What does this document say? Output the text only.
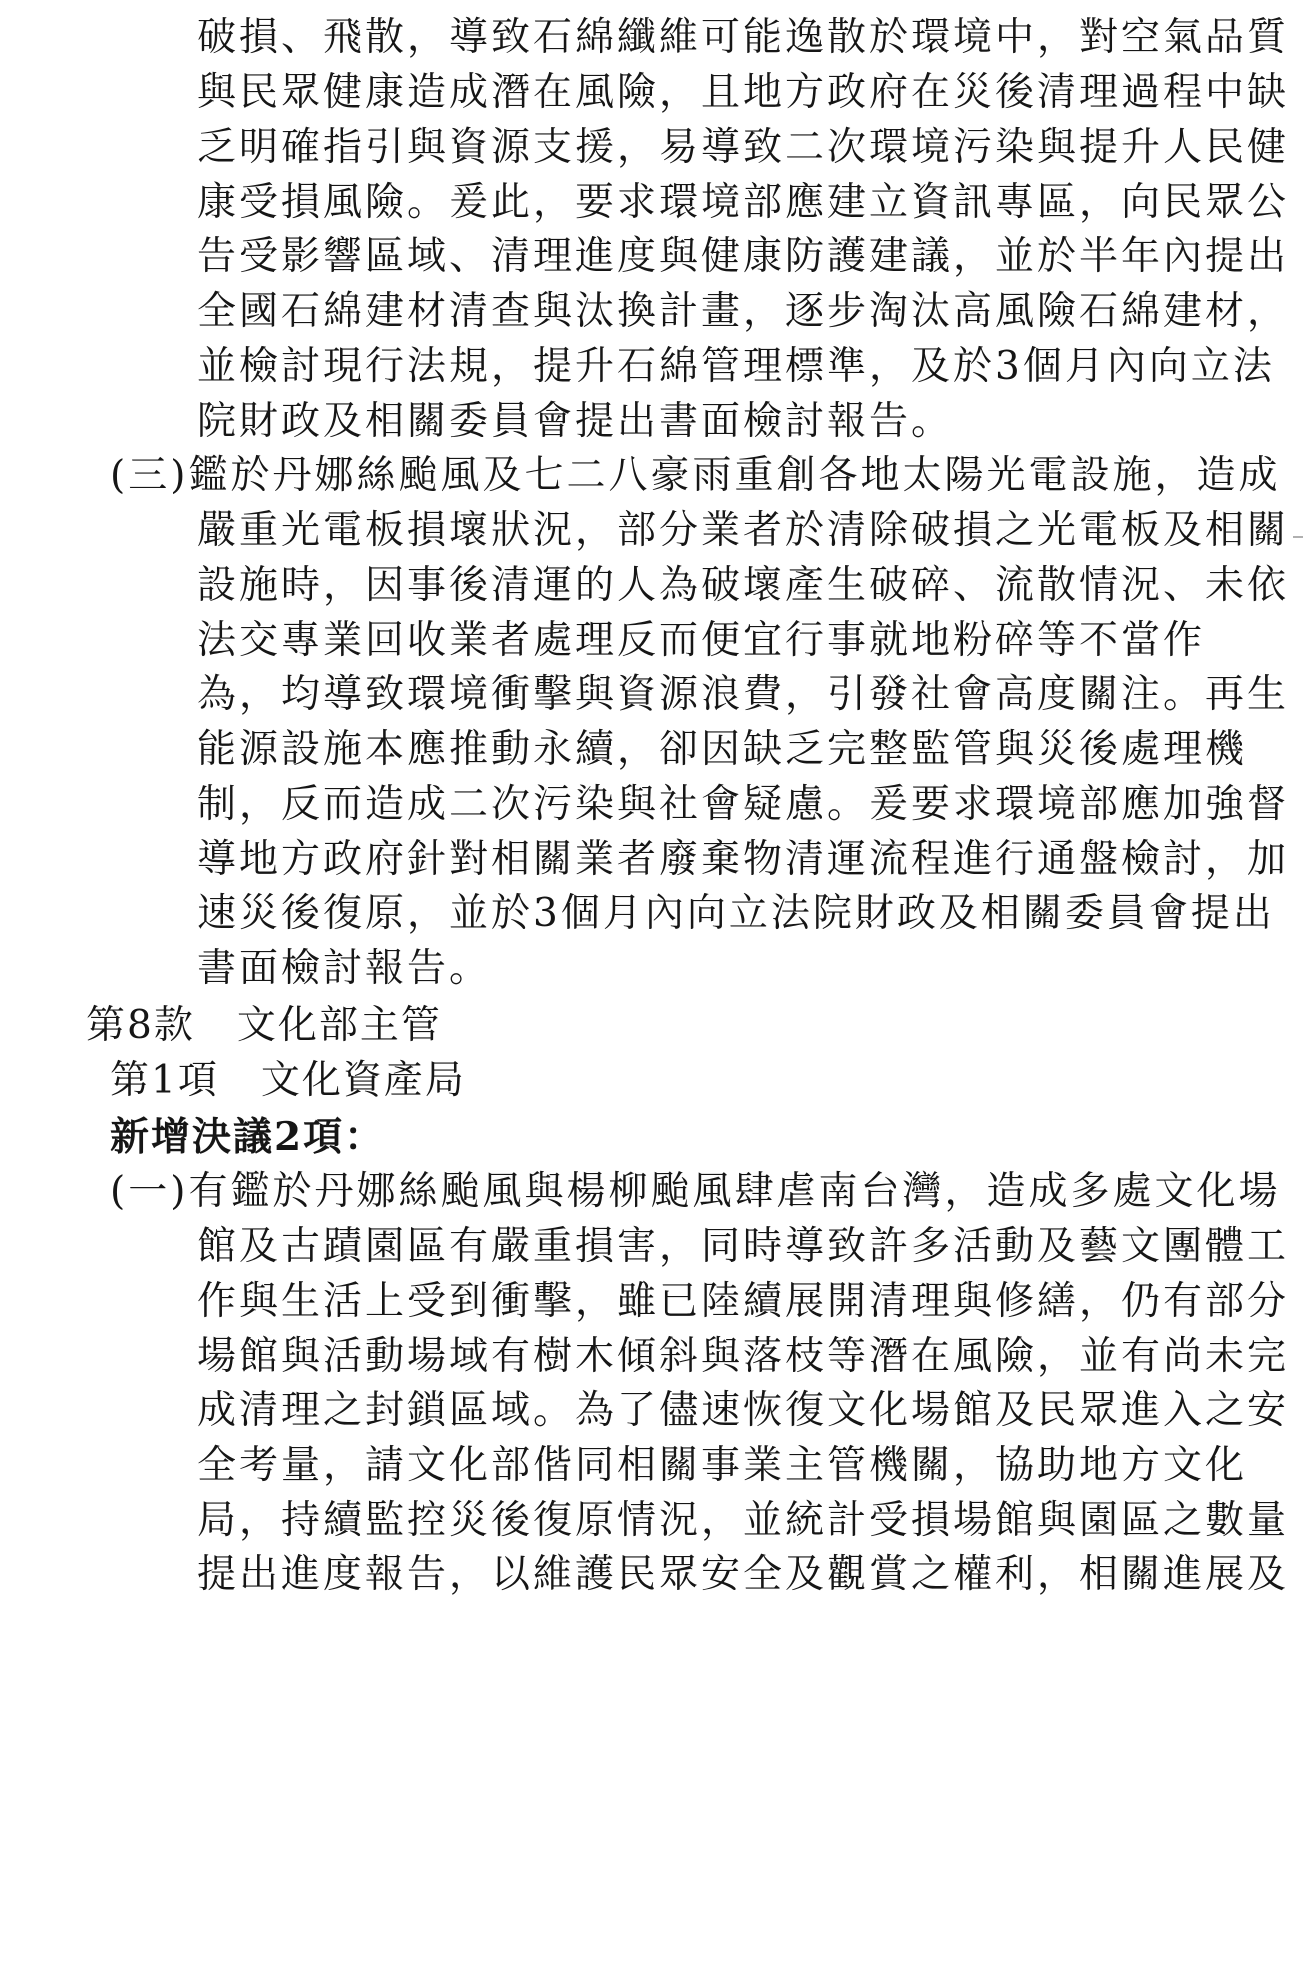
破損、飛散，導致石綿纖維可能逸散於環境中，對空氣品質
與民眾健康造成潛在風險，且地方政府在災後清理過程中缺
乏明確指引與資源支援，易導致二次環境污染與提升人民健
康受損風險。爰此，要求環境部應建立資訊專區，向民眾公
告受影響區域、清理進度與健康防護建議，並於半年內提出
全國石綿建材清查與汰換計畫，逐步淘汰高風險石綿建材，
並檢討現行法規，提升石綿管理標準，及於3個月內向立法
院財政及相關委員會提出書面檢討報告。
(三)鑑於丹娜絲颱風及七二八豪雨重創各地太陽光電設施，造成
嚴重光電板損壞狀況，部分業者於清除破損之光電板及相關
設施時，因事後清運的人為破壞產生破碎、流散情況、未依
法交專業回收業者處理反而便宜行事就地粉碎等不當作
為，均導致環境衝擊與資源浪費，引發社會高度關注。再生
能源設施本應推動永續，卻因缺乏完整監管與災後處理機
制，反而造成二次污染與社會疑慮。爰要求環境部應加強督
導地方政府針對相關業者廢棄物清運流程進行通盤檢討，加
速災後復原，並於3個月內向立法院財政及相關委員會提出
書面檢討報告。
第8款 文化部主管
第1項 文化資產局
新增決議2項：
(一)有鑑於丹娜絲颱風與楊柳颱風肆虐南台灣，造成多處文化場
館及古蹟園區有嚴重損害，同時導致許多活動及藝文團體工
作與生活上受到衝擊，雖已陸續展開清理與修繕，仍有部分
場館與活動場域有樹木傾斜與落枝等潛在風險，並有尚未完
成清理之封鎖區域。為了儘速恢復文化場館及民眾進入之安
全考量，請文化部偕同相關事業主管機關，協助地方文化
局，持續監控災後復原情況，並統計受損場館與園區之數量
提出進度報告，以維護民眾安全及觀賞之權利，相關進展及
